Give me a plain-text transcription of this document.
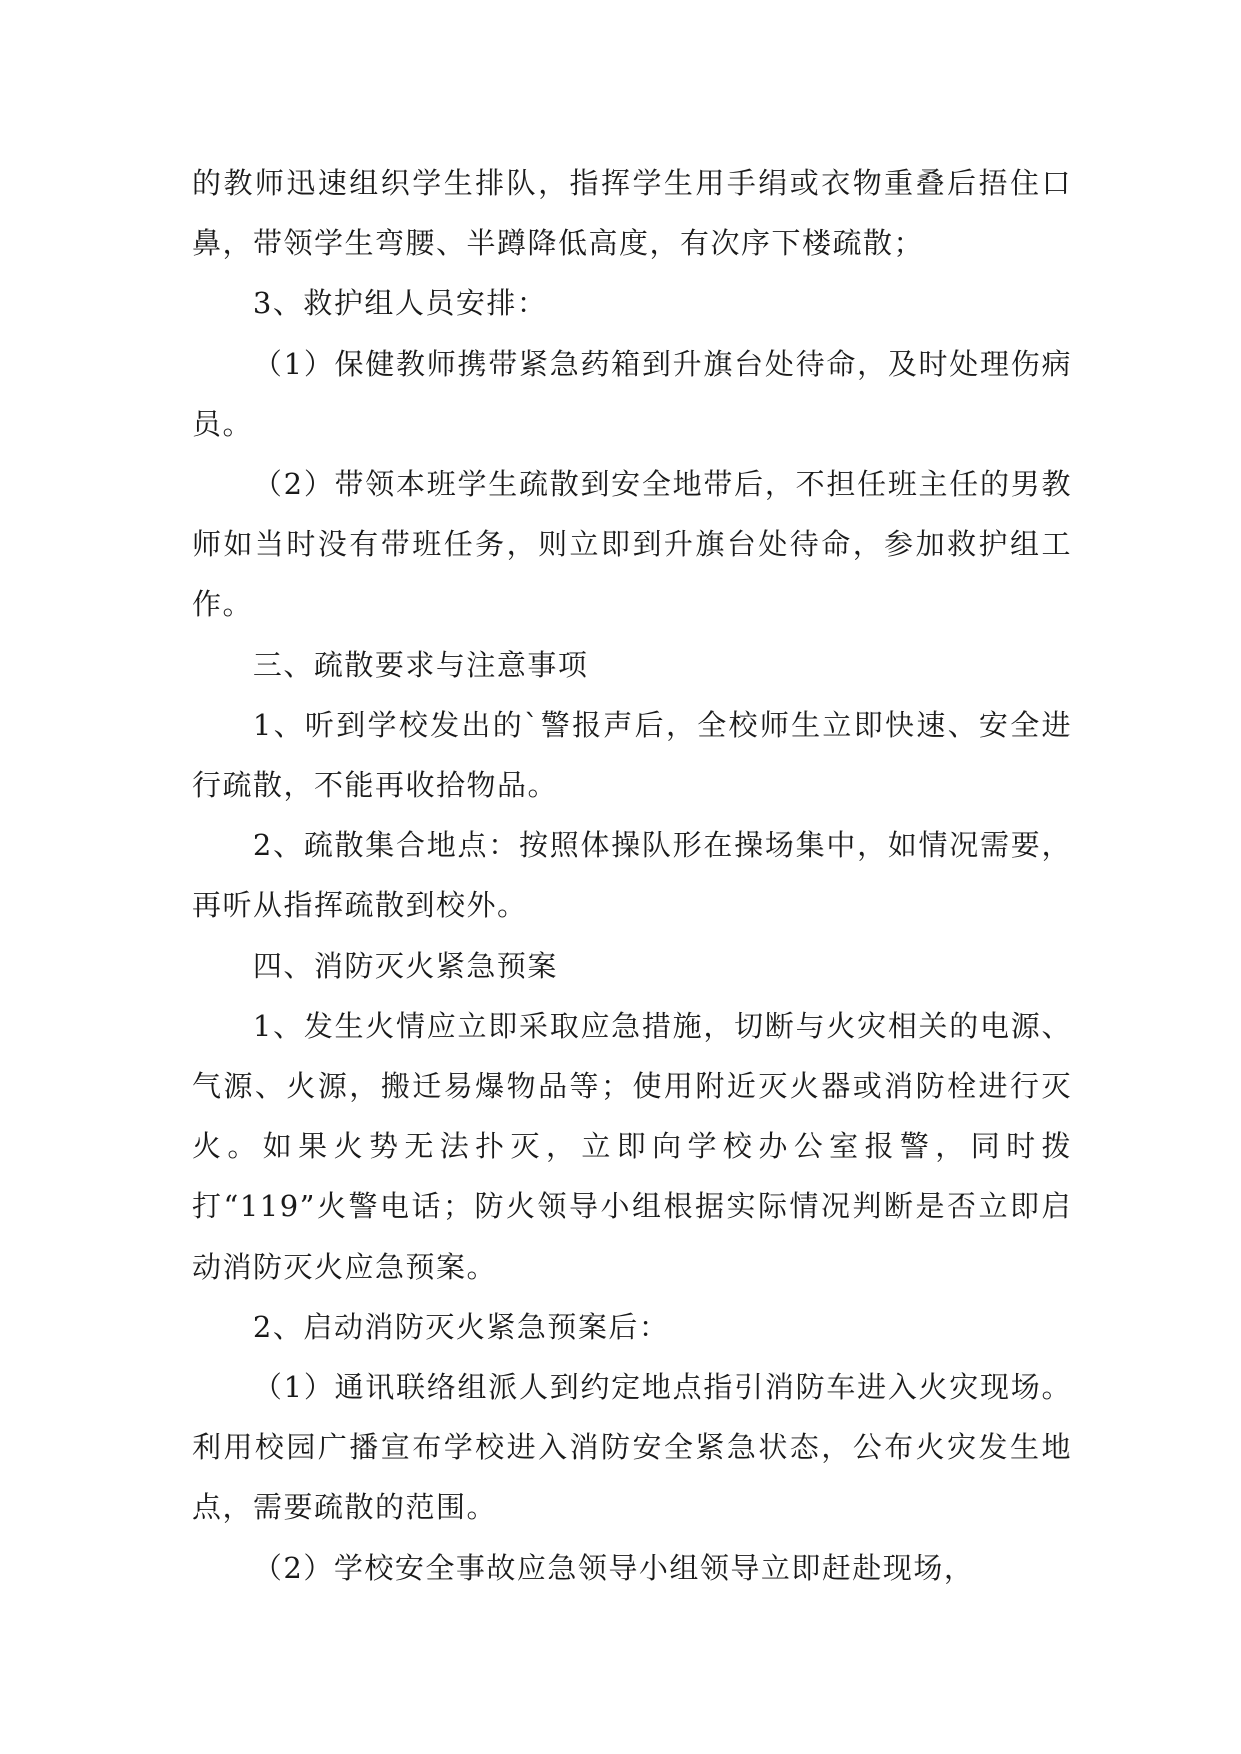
的教师迅速组织学生排队，指挥学生用手绢或衣物重叠后捂住口鼻，带领学生弯腰、半蹲降低高度，有次序下楼疏散；

3、救护组人员安排：

（1）保健教师携带紧急药箱到升旗台处待命，及时处理伤病员。

（2）带领本班学生疏散到安全地带后，不担任班主任的男教师如当时没有带班任务，则立即到升旗台处待命，参加救护组工作。

三、疏散要求与注意事项

1、听到学校发出的`警报声后，全校师生立即快速、安全进行疏散，不能再收拾物品。

2、疏散集合地点：按照体操队形在操场集中，如情况需要，再听从指挥疏散到校外。

四、消防灭火紧急预案

1、发生火情应立即采取应急措施，切断与火灾相关的电源、气源、火源，搬迁易爆物品等；使用附近灭火器或消防栓进行灭火。如果火势无法扑灭，立即向学校办公室报警，同时拨打“119”火警电话；防火领导小组根据实际情况判断是否立即启动消防灭火应急预案。

2、启动消防灭火紧急预案后：

（1）通讯联络组派人到约定地点指引消防车进入火灾现场。利用校园广播宣布学校进入消防安全紧急状态，公布火灾发生地点，需要疏散的范围。

（2）学校安全事故应急领导小组领导立即赶赴现场，
